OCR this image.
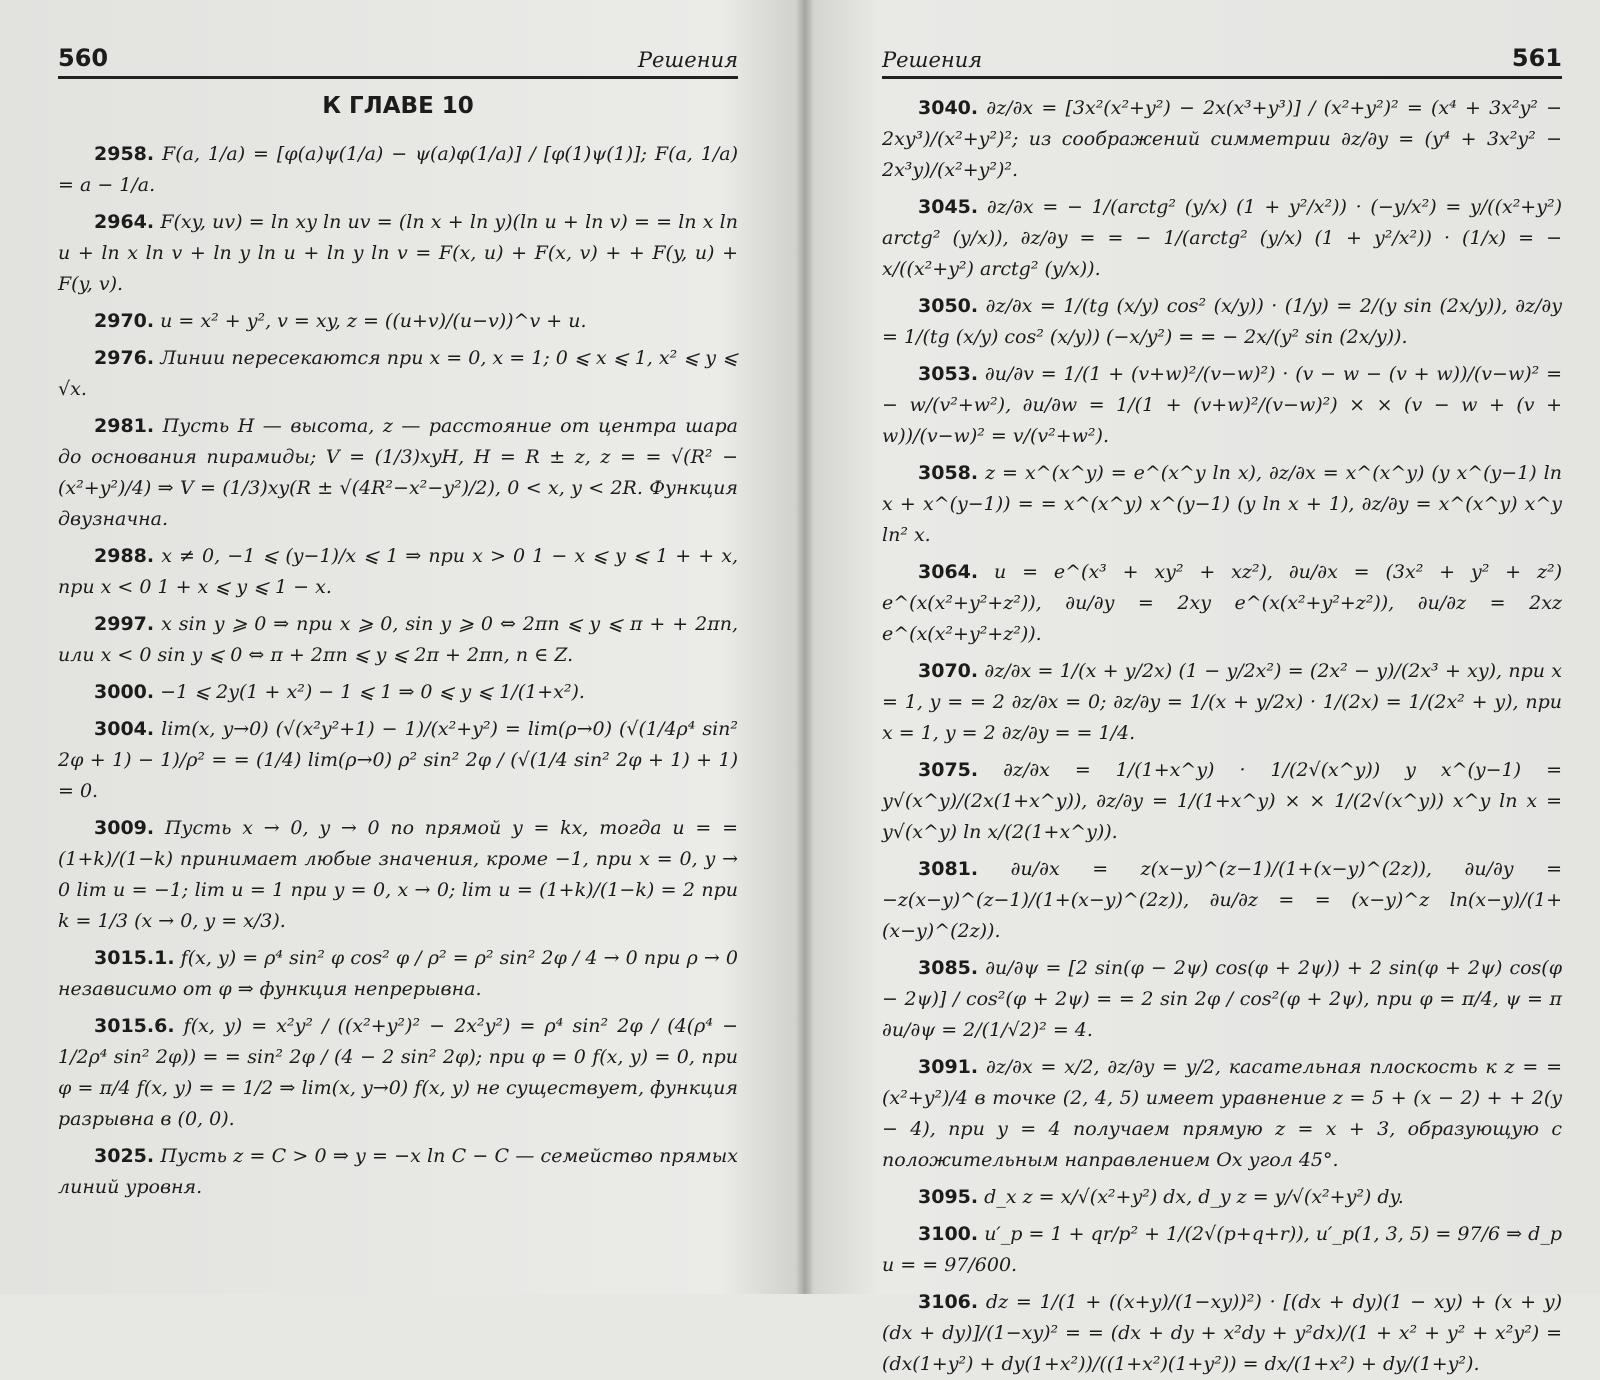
560	Решения
К ГЛАВЕ 10
2958. F(a, 1/a) = [φ(a)ψ(1/a) − ψ(a)φ(1/a)] / [φ(1)ψ(1)]; F(a, 1/a) = a − 1/a.
2964. F(xy, uv) = ln xy ln uv = (ln x + ln y)(ln u + ln v) = = ln x ln u + ln x ln v + ln y ln u + ln y ln v = F(x, u) + F(x, v) + + F(y, u) + F(y, v).
2970. u = x² + y², v = xy, z = ((u+v)/(u−v))^v + u.
2976. Линии пересекаются при x = 0, x = 1; 0 ⩽ x ⩽ 1, x² ⩽ y ⩽ √x.
2981. Пусть H — высота, z — расстояние от центра шара до основания пирамиды; V = (1/3)xyH, H = R ± z, z = = √(R² − (x²+y²)/4) ⇒ V = (1/3)xy(R ± √(4R²−x²−y²)/2), 0 < x, y < 2R. Функция двузначна.
2988. x ≠ 0, −1 ⩽ (y−1)/x ⩽ 1 ⇒ при x > 0 1 − x ⩽ y ⩽ 1 + + x, при x < 0 1 + x ⩽ y ⩽ 1 − x.
2997. x sin y ⩾ 0 ⇒ при x ⩾ 0, sin y ⩾ 0 ⇔ 2πn ⩽ y ⩽ π + + 2πn, или x < 0 sin y ⩽ 0 ⇔ π + 2πn ⩽ y ⩽ 2π + 2πn, n ∈ Z.
3000. −1 ⩽ 2y(1 + x²) − 1 ⩽ 1 ⇒ 0 ⩽ y ⩽ 1/(1+x²).
3004. lim(x, y→0) (√(x²y²+1) − 1)/(x²+y²) = lim(ρ→0) (√(1/4ρ⁴ sin² 2φ + 1) − 1)/ρ² = = (1/4) lim(ρ→0) ρ² sin² 2φ / (√(1/4 sin² 2φ + 1) + 1) = 0.
3009. Пусть x → 0, y → 0 по прямой y = kx, тогда u = = (1+k)/(1−k) принимает любые значения, кроме −1, при x = 0, y → 0 lim u = −1; lim u = 1 при y = 0, x → 0; lim u = (1+k)/(1−k) = 2 при k = 1/3 (x → 0, y = x/3).
3015.1. f(x, y) = ρ⁴ sin² φ cos² φ / ρ² = ρ² sin² 2φ / 4 → 0 при ρ → 0 независимо от φ ⇒ функция непрерывна.
3015.6. f(x, y) = x²y² / ((x²+y²)² − 2x²y²) = ρ⁴ sin² 2φ / (4(ρ⁴ − 1/2ρ⁴ sin² 2φ)) = = sin² 2φ / (4 − 2 sin² 2φ); при φ = 0 f(x, y) = 0, при φ = π/4 f(x, y) = = 1/2 ⇒ lim(x, y→0) f(x, y) не существует, функция разрывна в (0, 0).
3025. Пусть z = C > 0 ⇒ y = −x ln C − C — семейство прямых линий уровня.
Решения	561
3040. ∂z/∂x = [3x²(x²+y²) − 2x(x³+y³)] / (x²+y²)² = (x⁴ + 3x²y² − 2xy³)/(x²+y²)²; из соображений симметрии ∂z/∂y = (y⁴ + 3x²y² − 2x³y)/(x²+y²)².
3045. ∂z/∂x = − 1/(arctg² (y/x) (1 + y²/x²)) · (−y/x²) = y/((x²+y²) arctg² (y/x)), ∂z/∂y = = − 1/(arctg² (y/x) (1 + y²/x²)) · (1/x) = − x/((x²+y²) arctg² (y/x)).
3050. ∂z/∂x = 1/(tg (x/y) cos² (x/y)) · (1/y) = 2/(y sin (2x/y)), ∂z/∂y = 1/(tg (x/y) cos² (x/y)) (−x/y²) = = − 2x/(y² sin (2x/y)).
3053. ∂u/∂v = 1/(1 + (v+w)²/(v−w)²) · (v − w − (v + w))/(v−w)² = − w/(v²+w²), ∂u/∂w = 1/(1 + (v+w)²/(v−w)²) × × (v − w + (v + w))/(v−w)² = v/(v²+w²).
3058. z = x^(x^y) = e^(x^y ln x), ∂z/∂x = x^(x^y) (y x^(y−1) ln x + x^(y−1)) = = x^(x^y) x^(y−1) (y ln x + 1), ∂z/∂y = x^(x^y) x^y ln² x.
3064. u = e^(x³ + xy² + xz²), ∂u/∂x = (3x² + y² + z²) e^(x(x²+y²+z²)), ∂u/∂y = 2xy e^(x(x²+y²+z²)), ∂u/∂z = 2xz e^(x(x²+y²+z²)).
3070. ∂z/∂x = 1/(x + y/2x) (1 − y/2x²) = (2x² − y)/(2x³ + xy), при x = 1, y = = 2 ∂z/∂x = 0; ∂z/∂y = 1/(x + y/2x) · 1/(2x) = 1/(2x² + y), при x = 1, y = 2 ∂z/∂y = = 1/4.
3075. ∂z/∂x = 1/(1+x^y) · 1/(2√(x^y)) y x^(y−1) = y√(x^y)/(2x(1+x^y)), ∂z/∂y = 1/(1+x^y) × × 1/(2√(x^y)) x^y ln x = y√(x^y) ln x/(2(1+x^y)).
3081. ∂u/∂x = z(x−y)^(z−1)/(1+(x−y)^(2z)), ∂u/∂y = −z(x−y)^(z−1)/(1+(x−y)^(2z)), ∂u/∂z = = (x−y)^z ln(x−y)/(1+(x−y)^(2z)).
3085. ∂u/∂ψ = [2 sin(φ − 2ψ) cos(φ + 2ψ)) + 2 sin(φ + 2ψ) cos(φ − 2ψ)] / cos²(φ + 2ψ) = = 2 sin 2φ / cos²(φ + 2ψ), при φ = π/4, ψ = π ∂u/∂ψ = 2/(1/√2)² = 4.
3091. ∂z/∂x = x/2, ∂z/∂y = y/2, касательная плоскость к z = = (x²+y²)/4 в точке (2, 4, 5) имеет уравнение z = 5 + (x − 2) + + 2(y − 4), при y = 4 получаем прямую z = x + 3, образующую с положительным направлением Ox угол 45°.
3095. d_x z = x/√(x²+y²) dx, d_y z = y/√(x²+y²) dy.
3100. u′_p = 1 + qr/p² + 1/(2√(p+q+r)), u′_p(1, 3, 5) = 97/6 ⇒ d_p u = = 97/600.
3106. dz = 1/(1 + ((x+y)/(1−xy))²) · [(dx + dy)(1 − xy) + (x + y)(dx + dy)]/(1−xy)² = = (dx + dy + x²dy + y²dx)/(1 + x² + y² + x²y²) = (dx(1+y²) + dy(1+x²))/((1+x²)(1+y²)) = dx/(1+x²) + dy/(1+y²).
